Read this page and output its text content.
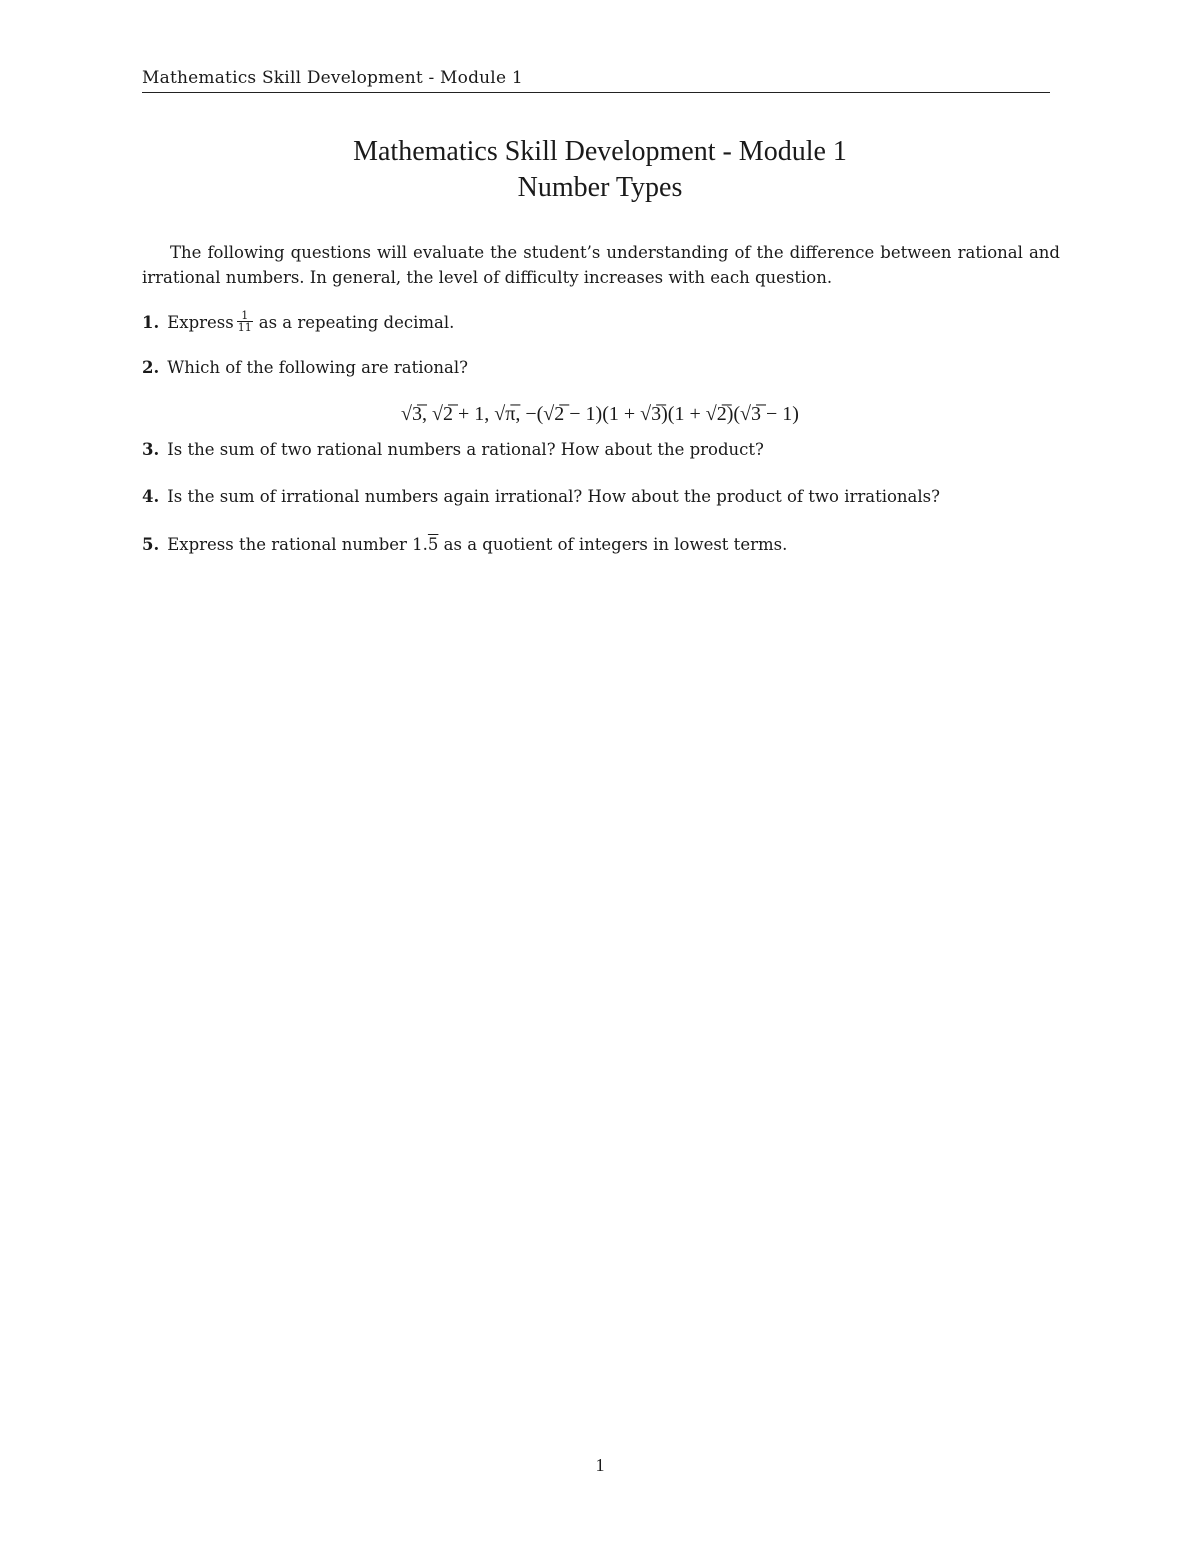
Mathematics Skill Development - Module 1
Mathematics Skill Development - Module 1
Number Types

The following questions will evaluate the student’s understanding of the difference between rational and irrational numbers. In general, the level of difficulty increases with each question.

1. Express $\frac{1}{11}$ as a repeating decimal.
2. Which of the following are rational?
√3̅, √2̅ + 1, √π̅, −(√2̅ − 1)(1 + √3̅)(1 + √2̅)(√3̅ − 1)
3. Is the sum of two rational numbers a rational? How about the product?
4. Is the sum of irrational numbers again irrational? How about the product of two irrationals?
5. Express the rational number 1.5 as a quotient of integers in lowest terms.
1
